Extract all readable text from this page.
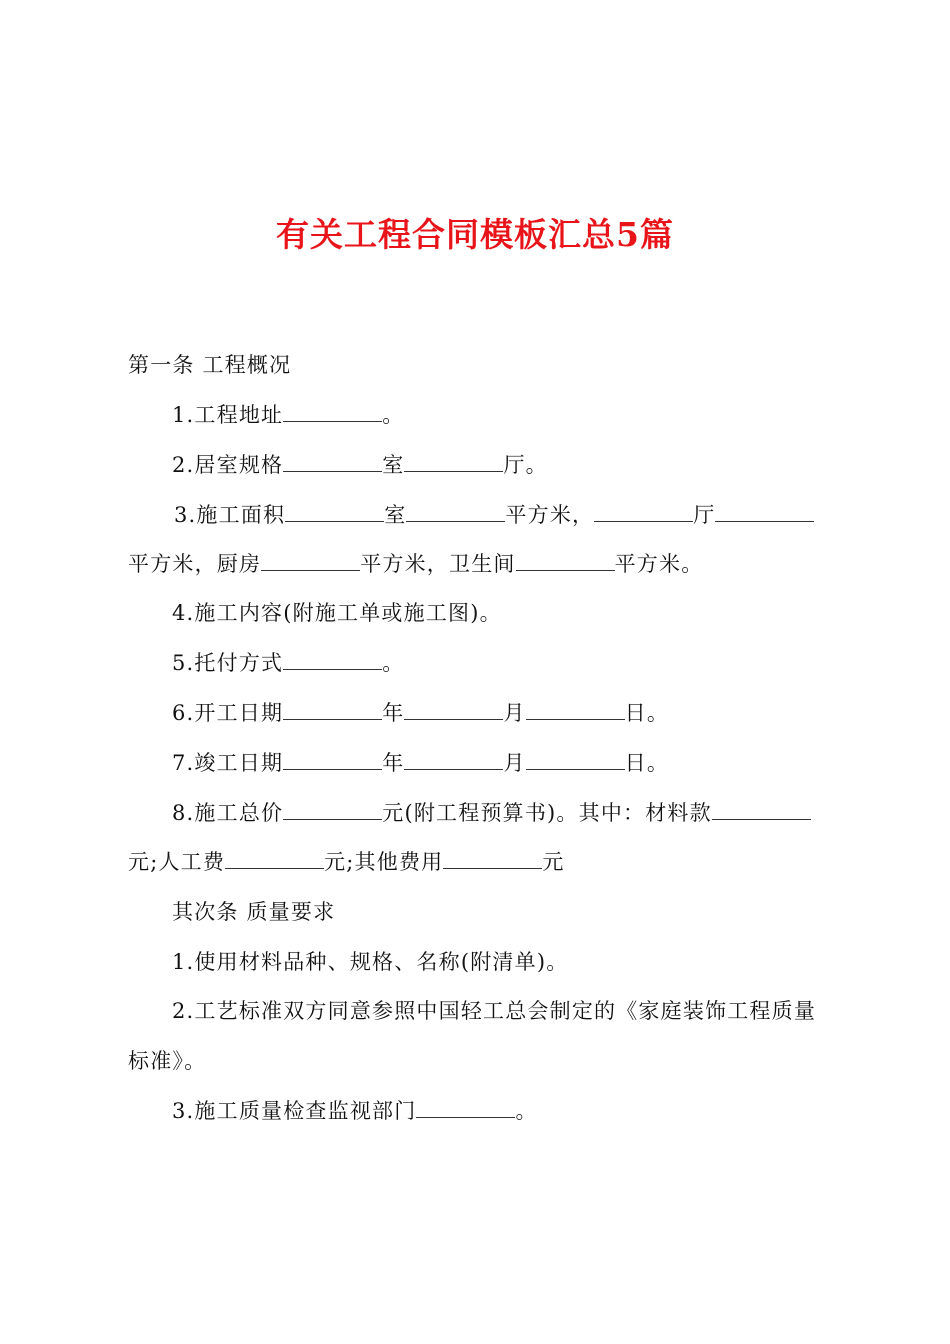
有关工程合同模板汇总5篇
第一条 工程概况
1.工程地址	。
2.居室规格	室	厅。
3.施工面积	室	平方米，	厅
平方米，厨房	平方米，卫生间	平方米。
4.施工内容(附施工单或施工图)。
5.托付方式	。
6.开工日期	年	月	日。
7.竣工日期	年	月	日。
8.施工总价	元(附工程预算书)。其中：材料款
元;人工费	元;其他费用	元
其次条 质量要求
1.使用材料品种、规格、名称(附清单)。
2.工艺标准双方同意参照中国轻工总会制定的《家庭装饰工程质量
标准》。
3.施工质量检查监视部门	。
